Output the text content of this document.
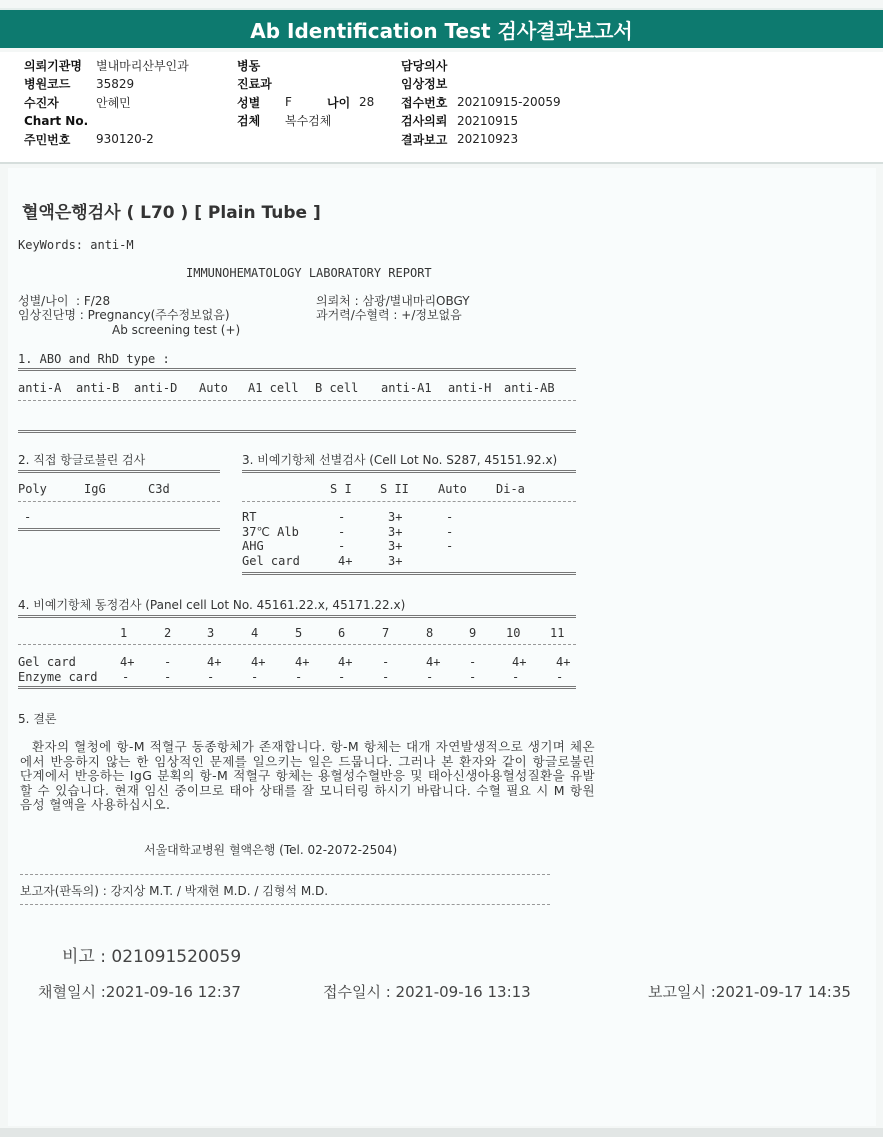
Ab Identification Test 검사결과보고서
의뢰기관명 별내마리산부인과
병원코드	35829
수진자	안혜민
Chart No.
주민번호	930120-2
병동
진료과
성별	F	나이 28
검체	복수검체
담당의사
임상정보
접수번호 20210915-20059
검사의뢰 20210915
결과보고 20210923
혈액은행검사 ( L70 ) [ Plain Tube ]
KeyWords: anti-M
IMMUNOHEMATOLOGY LABORATORY REPORT
성별/나이  : F/28	의뢰처 : 삼광/별내마리OBGY
임상진단명 : Pregnancy(주수정보없음)	과거력/수혈력 : +/정보없음
Ab screening test (+)
1. ABO and RhD type :
anti-A anti-B anti-D Auto A1 cell B cell anti-A1 anti-H anti-AB
2. 직접 항글로불린 검사
Poly	IgG	C3d
-
3. 비예기항체 선별검사 (Cell Lot No. S287, 45151.92.x)
S I S II Auto Di-a
RT	-	3+	-
37℃ Alb	-	3+	-
AHG	-	3+	-
Gel card	4+	3+
4. 비예기항체 동정검사 (Panel cell Lot No. 45161.22.x, 45171.22.x)
1	2	3	4	5	6	7	8	9 10 11
Gel card	4+ -	4+ 4+ 4+ 4+ -	4+ -	4+ 4+
Enzyme card -	-	-	-	-	-	-	-	-	-	-
5. 결론
환자의 혈청에 항-M 적혈구 동종항체가 존재합니다. 항-M 항체는 대개 자연발생적으로 생기며 체온에서 반응하지 않는 한 임상적인 문제를 일으키는 일은 드뭅니다. 그러나 본 환자와 같이 항글로불린 단계에서 반응하는 IgG 분획의 항-M 적혈구 항체는 용혈성수혈반응 및 태아신생아용혈성질환을 유발할 수 있습니다. 현재 임신 중이므로 태아 상태를 잘 모니터링 하시기 바랍니다. 수혈 필요 시 M 항원 음성 혈액을 사용하십시오.
서울대학교병원 혈액은행 (Tel. 02-2072-2504)
보고자(판독의) : 강지상 M.T. / 박재현 M.D. / 김형석 M.D.
비고 : 021091520059
채혈일시 :2021-09-16 12:37	접수일시 : 2021-09-16 13:13	보고일시 :2021-09-17 14:35
